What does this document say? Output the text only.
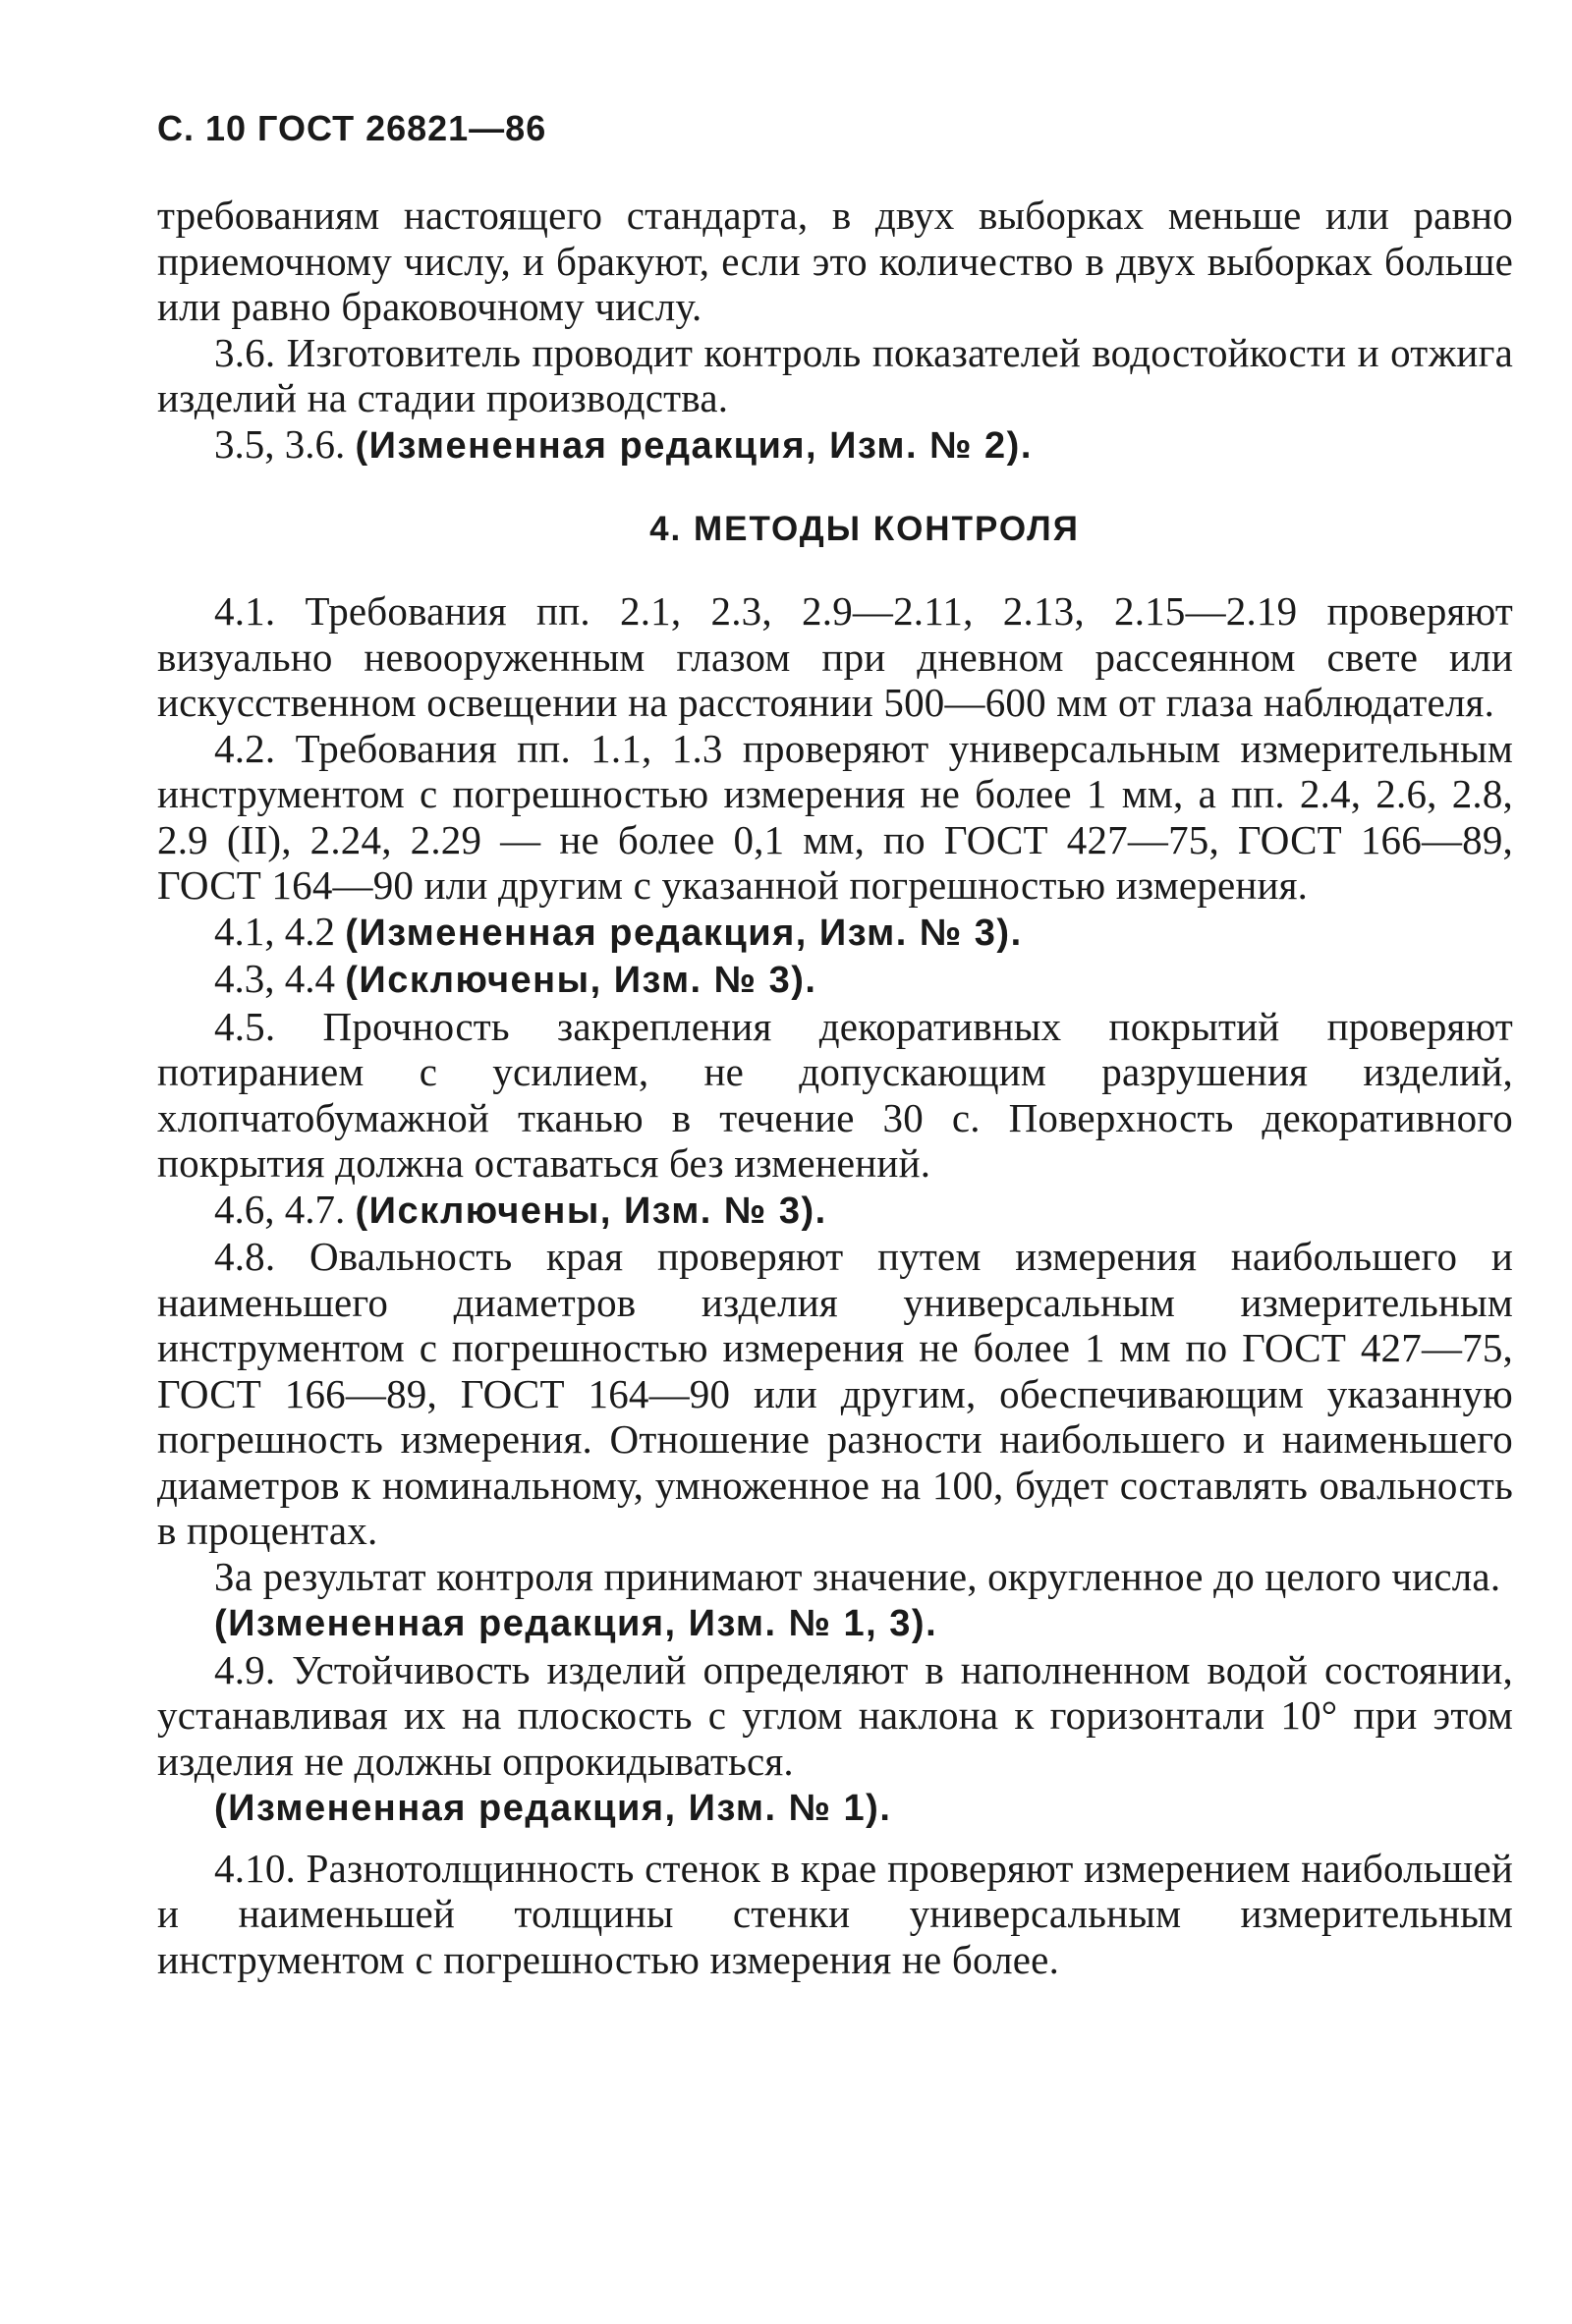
С. 10 ГОСТ 26821—86

требованиям настоящего стандарта, в двух выборках меньше или равно приемочному числу, и бракуют, если это количество в двух выборках больше или равно браковочному числу.

3.6. Изготовитель проводит контроль показателей водостойкости и отжига изделий на стадии производства.

3.5, 3.6. (Измененная редакция, Изм. № 2).

4. МЕТОДЫ КОНТРОЛЯ

4.1. Требования пп. 2.1, 2.3, 2.9—2.11, 2.13, 2.15—2.19 проверяют визуально невооруженным глазом при дневном рассеянном свете или искусственном освещении на расстоянии 500—600 мм от глаза наблюдателя.

4.2. Требования пп. 1.1, 1.3 проверяют универсальным измерительным инструментом с погрешностью измерения не более 1 мм, а пп. 2.4, 2.6, 2.8, 2.9 (II), 2.24, 2.29 — не более 0,1 мм, по ГОСТ 427—75, ГОСТ 166—89, ГОСТ 164—90 или другим с указанной погрешностью измерения.

4.1, 4.2 (Измененная редакция, Изм. № 3).

4.3, 4.4 (Исключены, Изм. № 3).

4.5. Прочность закрепления декоративных покрытий проверяют потиранием с усилием, не допускающим разрушения изделий, хлопчатобумажной тканью в течение 30 с. Поверхность декоративного покрытия должна оставаться без изменений.

4.6, 4.7. (Исключены, Изм. № 3).

4.8. Овальность края проверяют путем измерения наибольшего и наименьшего диаметров изделия универсальным измерительным инструментом с погрешностью измерения не более 1 мм по ГОСТ 427—75, ГОСТ 166—89, ГОСТ 164—90 или другим, обеспечивающим указанную погрешность измерения. Отношение разности наибольшего и наименьшего диаметров к номинальному, умноженное на 100, будет составлять овальность в процентах.

За результат контроля принимают значение, округленное до целого числа.

(Измененная редакция, Изм. № 1, 3).

4.9. Устойчивость изделий определяют в наполненном водой состоянии, устанавливая их на плоскость с углом наклона к горизонтали 10° при этом изделия не должны опрокидываться.

(Измененная редакция, Изм. № 1).

4.10. Разнотолщинность стенок в крае проверяют измерением наибольшей и наименьшей толщины стенки универсальным измерительным инструментом с погрешностью измерения не более.
